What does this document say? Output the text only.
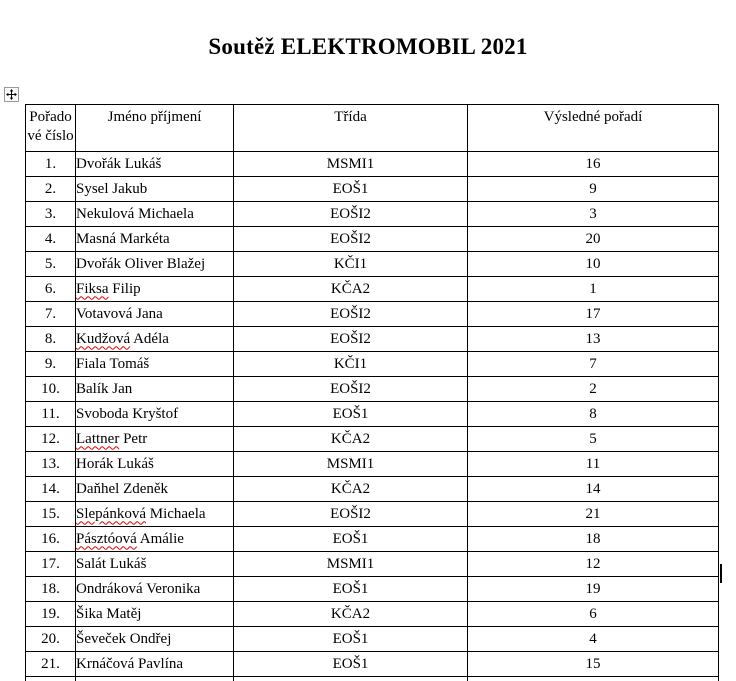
Soutěž ELEKTROMOBIL 2021
Pořado
vé číslo	Jméno příjmení	Třída	Výsledné pořadí
1.	Dvořák Lukáš	MSMI1	16
2.	Sysel Jakub	EOŠ1	9
3.	Nekulová Michaela	EOŠI2	3
4.	Masná Markéta	EOŠI2	20
5.	Dvořák Oliver Blažej	KČI1	10
6.	Fiksa Filip	KČA2	1
7.	Votavová Jana	EOŠI2	17
8.	Kudžová Adéla	EOŠI2	13
9.	Fiala Tomáš	KČI1	7
10.	Balík Jan	EOŠI2	2
11.	Svoboda Kryštof	EOŠ1	8
12.	Lattner Petr	KČA2	5
13.	Horák Lukáš	MSMI1	11
14.	Daňhel Zdeněk	KČA2	14
15.	Slepánková Michaela	EOŠI2	21
16.	Pásztóová Amálie	EOŠ1	18
17.	Salát Lukáš	MSMI1	12
18.	Ondráková Veronika	EOŠ1	19
19.	Šika Matěj	KČA2	6
20.	Ševeček Ondřej	EOŠ1	4
21.	Krnáčová Pavlína	EOŠ1	15
